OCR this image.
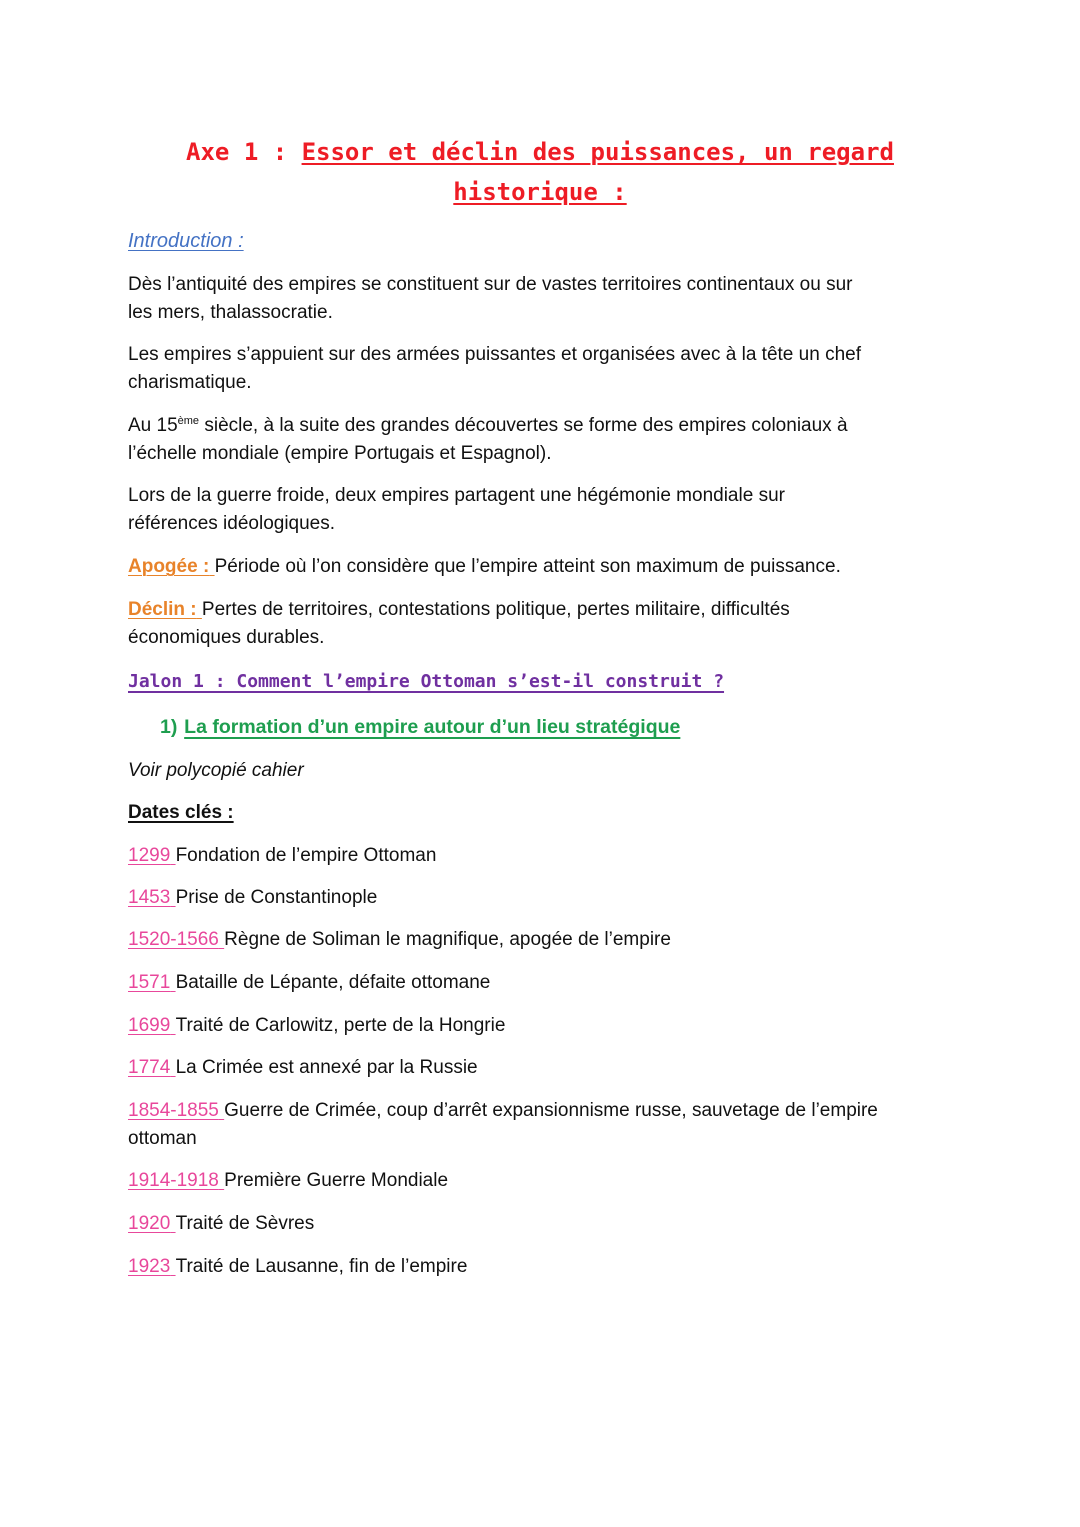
Axe 1 : Essor et déclin des puissances, un regard
historique :
Introduction :
Dès l’antiquité des empires se constituent sur de vastes territoires continentaux ou sur
les mers, thalassocratie.
Les empires s’appuient sur des armées puissantes et organisées avec à la tête un chef
charismatique.
Au 15ème siècle, à la suite des grandes découvertes se forme des empires coloniaux à
l’échelle mondiale (empire Portugais et Espagnol).
Lors de la guerre froide, deux empires partagent une hégémonie mondiale sur
références idéologiques.
Apogée : Période où l’on considère que l’empire atteint son maximum de puissance.
Déclin : Pertes de territoires, contestations politique, pertes militaire, difficultés
économiques durables.
Jalon 1 : Comment l’empire Ottoman s’est-il construit ?
1) La formation d’un empire autour d’un lieu stratégique
Voir polycopié cahier
Dates clés :
1299 Fondation de l’empire Ottoman
1453 Prise de Constantinople
1520-1566 Règne de Soliman le magnifique, apogée de l’empire
1571 Bataille de Lépante, défaite ottomane
1699 Traité de Carlowitz, perte de la Hongrie
1774 La Crimée est annexé par la Russie
1854-1855 Guerre de Crimée, coup d’arrêt expansionnisme russe, sauvetage de l’empire
ottoman
1914-1918 Première Guerre Mondiale
1920 Traité de Sèvres
1923 Traité de Lausanne, fin de l’empire
